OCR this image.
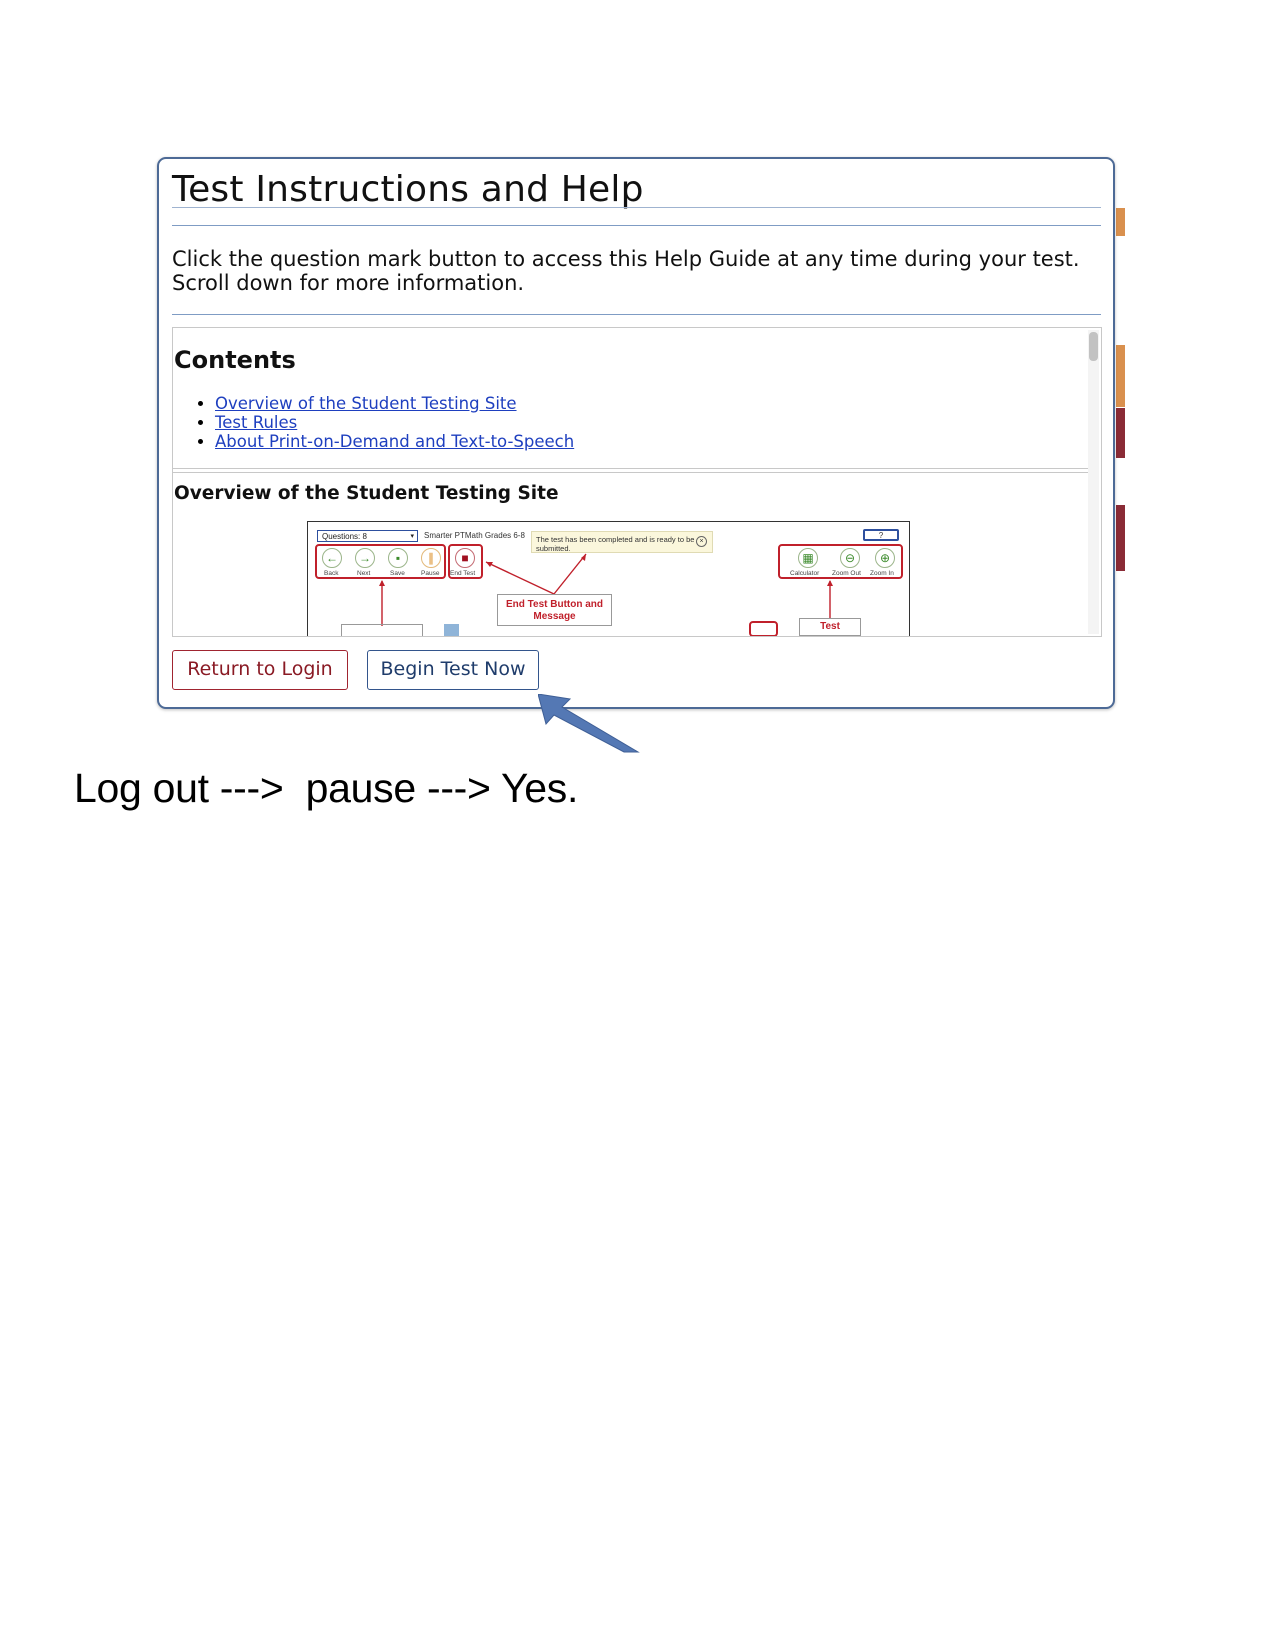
Test Instructions and Help
Click the question mark button to access this Help Guide at any time during your test.
Scroll down for more information.
Contents
• Overview of the Student Testing Site
• Test Rules
• About Print-on-Demand and Text-to-Speech
Overview of the Student Testing Site
Questions: 8	▾ Smarter PTMath Grades 6-8	The test has been completed and is ready to be submitted.
×
?
←	→	▪	∥	■
Back	Next	Save Pause End Test
▦	⊖	⊕
Calculator Zoom Out Zoom In
End Test Button and Message
Test
Return to Login	Begin Test Now
Log out --->  pause ---> Yes.
